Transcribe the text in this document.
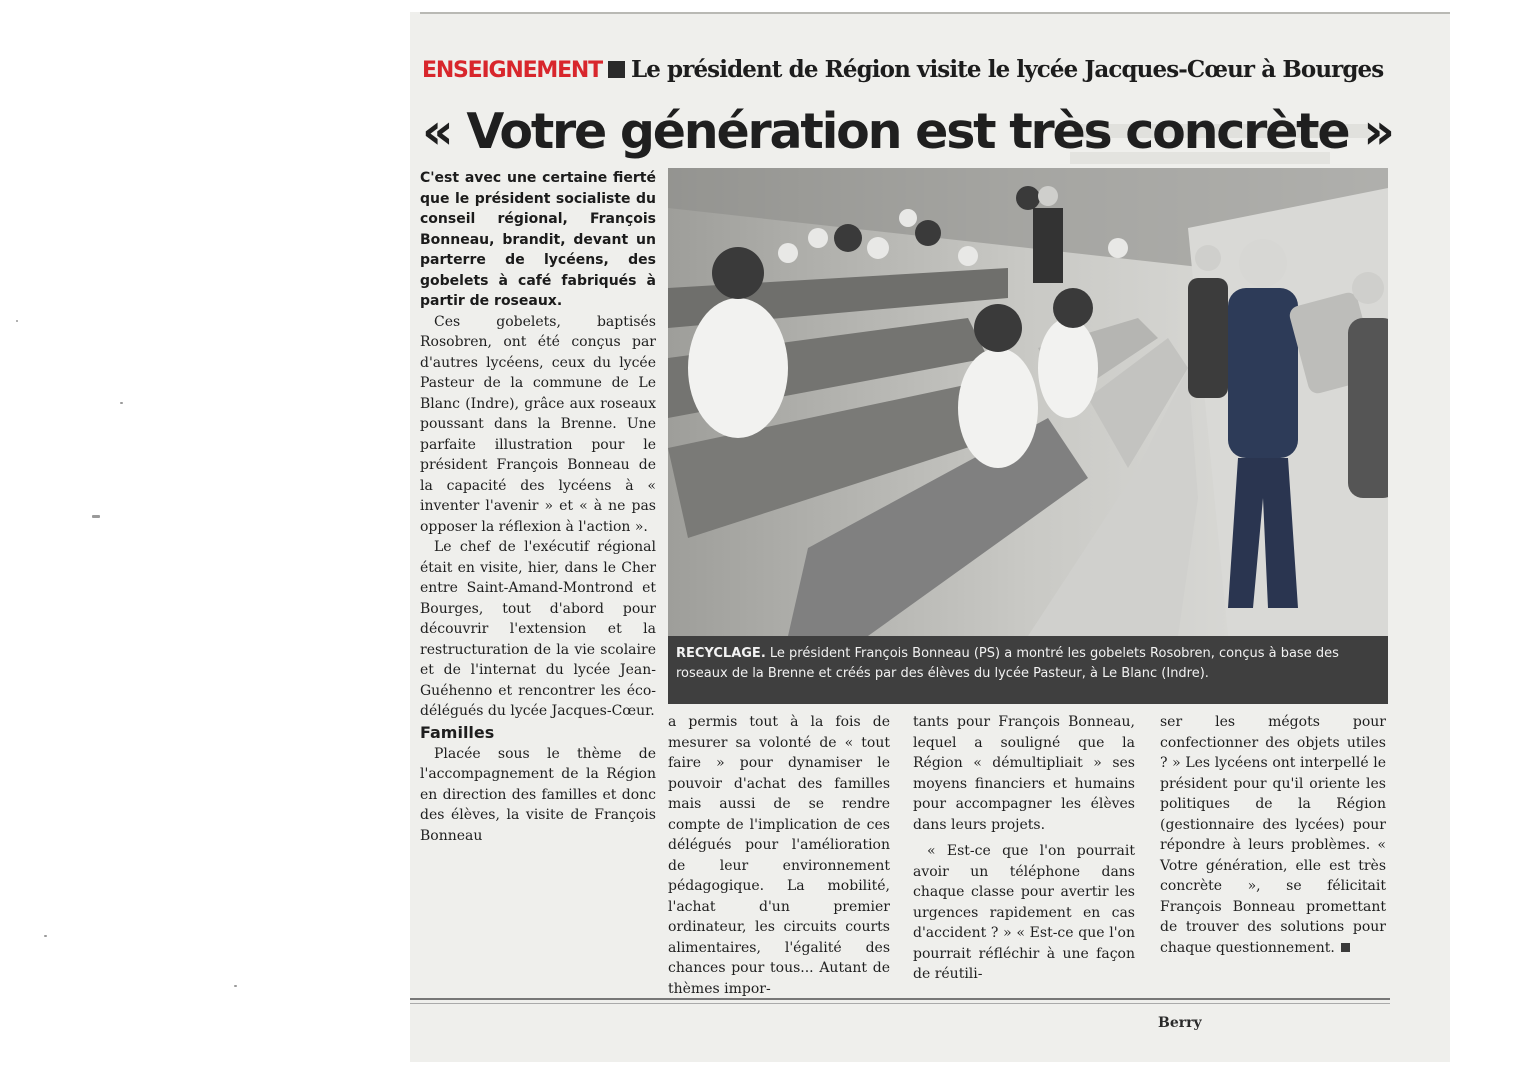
ENSEIGNEMENT Le président de Région visite le lycée Jacques-Cœur à Bourges
« Votre génération est très concrète »

C'est avec une certaine fierté que le président socialiste du conseil régional, François Bonneau, brandit, devant un parterre de lycéens, des gobelets à café fabriqués à partir de roseaux.

Ces gobelets, baptisés Rosobren, ont été conçus par d'autres lycéens, ceux du lycée Pasteur de la commune de Le Blanc (Indre), grâce aux roseaux poussant dans la Brenne. Une parfaite illustration pour le président François Bonneau de la capacité des lycéens à « inventer l'avenir » et « à ne pas opposer la réflexion à l'action ».

Le chef de l'exécutif régional était en visite, hier, dans le Cher entre Saint-Amand-Montrond et Bourges, tout d'abord pour découvrir l'extension et la restructuration de la vie scolaire et de l'internat du lycée Jean-Guéhenno et rencontrer les éco-délégués du lycée Jacques-Cœur.

Familles

Placée sous le thème de l'accompagnement de la Région en direction des familles et donc des élèves, la visite de François Bonneau

RECYCLAGE. Le président François Bonneau (PS) a montré les gobelets Rosobren, conçus à base des roseaux de la Brenne et créés par des élèves du lycée Pasteur, à Le Blanc (Indre).

a permis tout à la fois de mesurer sa volonté de « tout faire » pour dynamiser le pouvoir d'achat des familles mais aussi de se rendre compte de l'implication de ces délégués pour l'amélioration de leur environnement pédagogique. La mobilité, l'achat d'un premier ordinateur, les circuits courts alimentaires, l'égalité des chances pour tous... Autant de thèmes impor-

tants pour François Bonneau, lequel a souligné que la Région « démultipliait » ses moyens financiers et humains pour accompagner les élèves dans leurs projets.

« Est-ce que l'on pourrait avoir un téléphone dans chaque classe pour avertir les urgences rapidement en cas d'accident ? » « Est-ce que l'on pourrait réfléchir à une façon de réutili-

ser les mégots pour confectionner des objets utiles ? » Les lycéens ont interpellé le président pour qu'il oriente les politiques de la Région (gestionnaire des lycées) pour répondre à leurs problèmes. « Votre génération, elle est très concrète », se félicitait François Bonneau promettant de trouver des solutions pour chaque questionnement.

Berry
